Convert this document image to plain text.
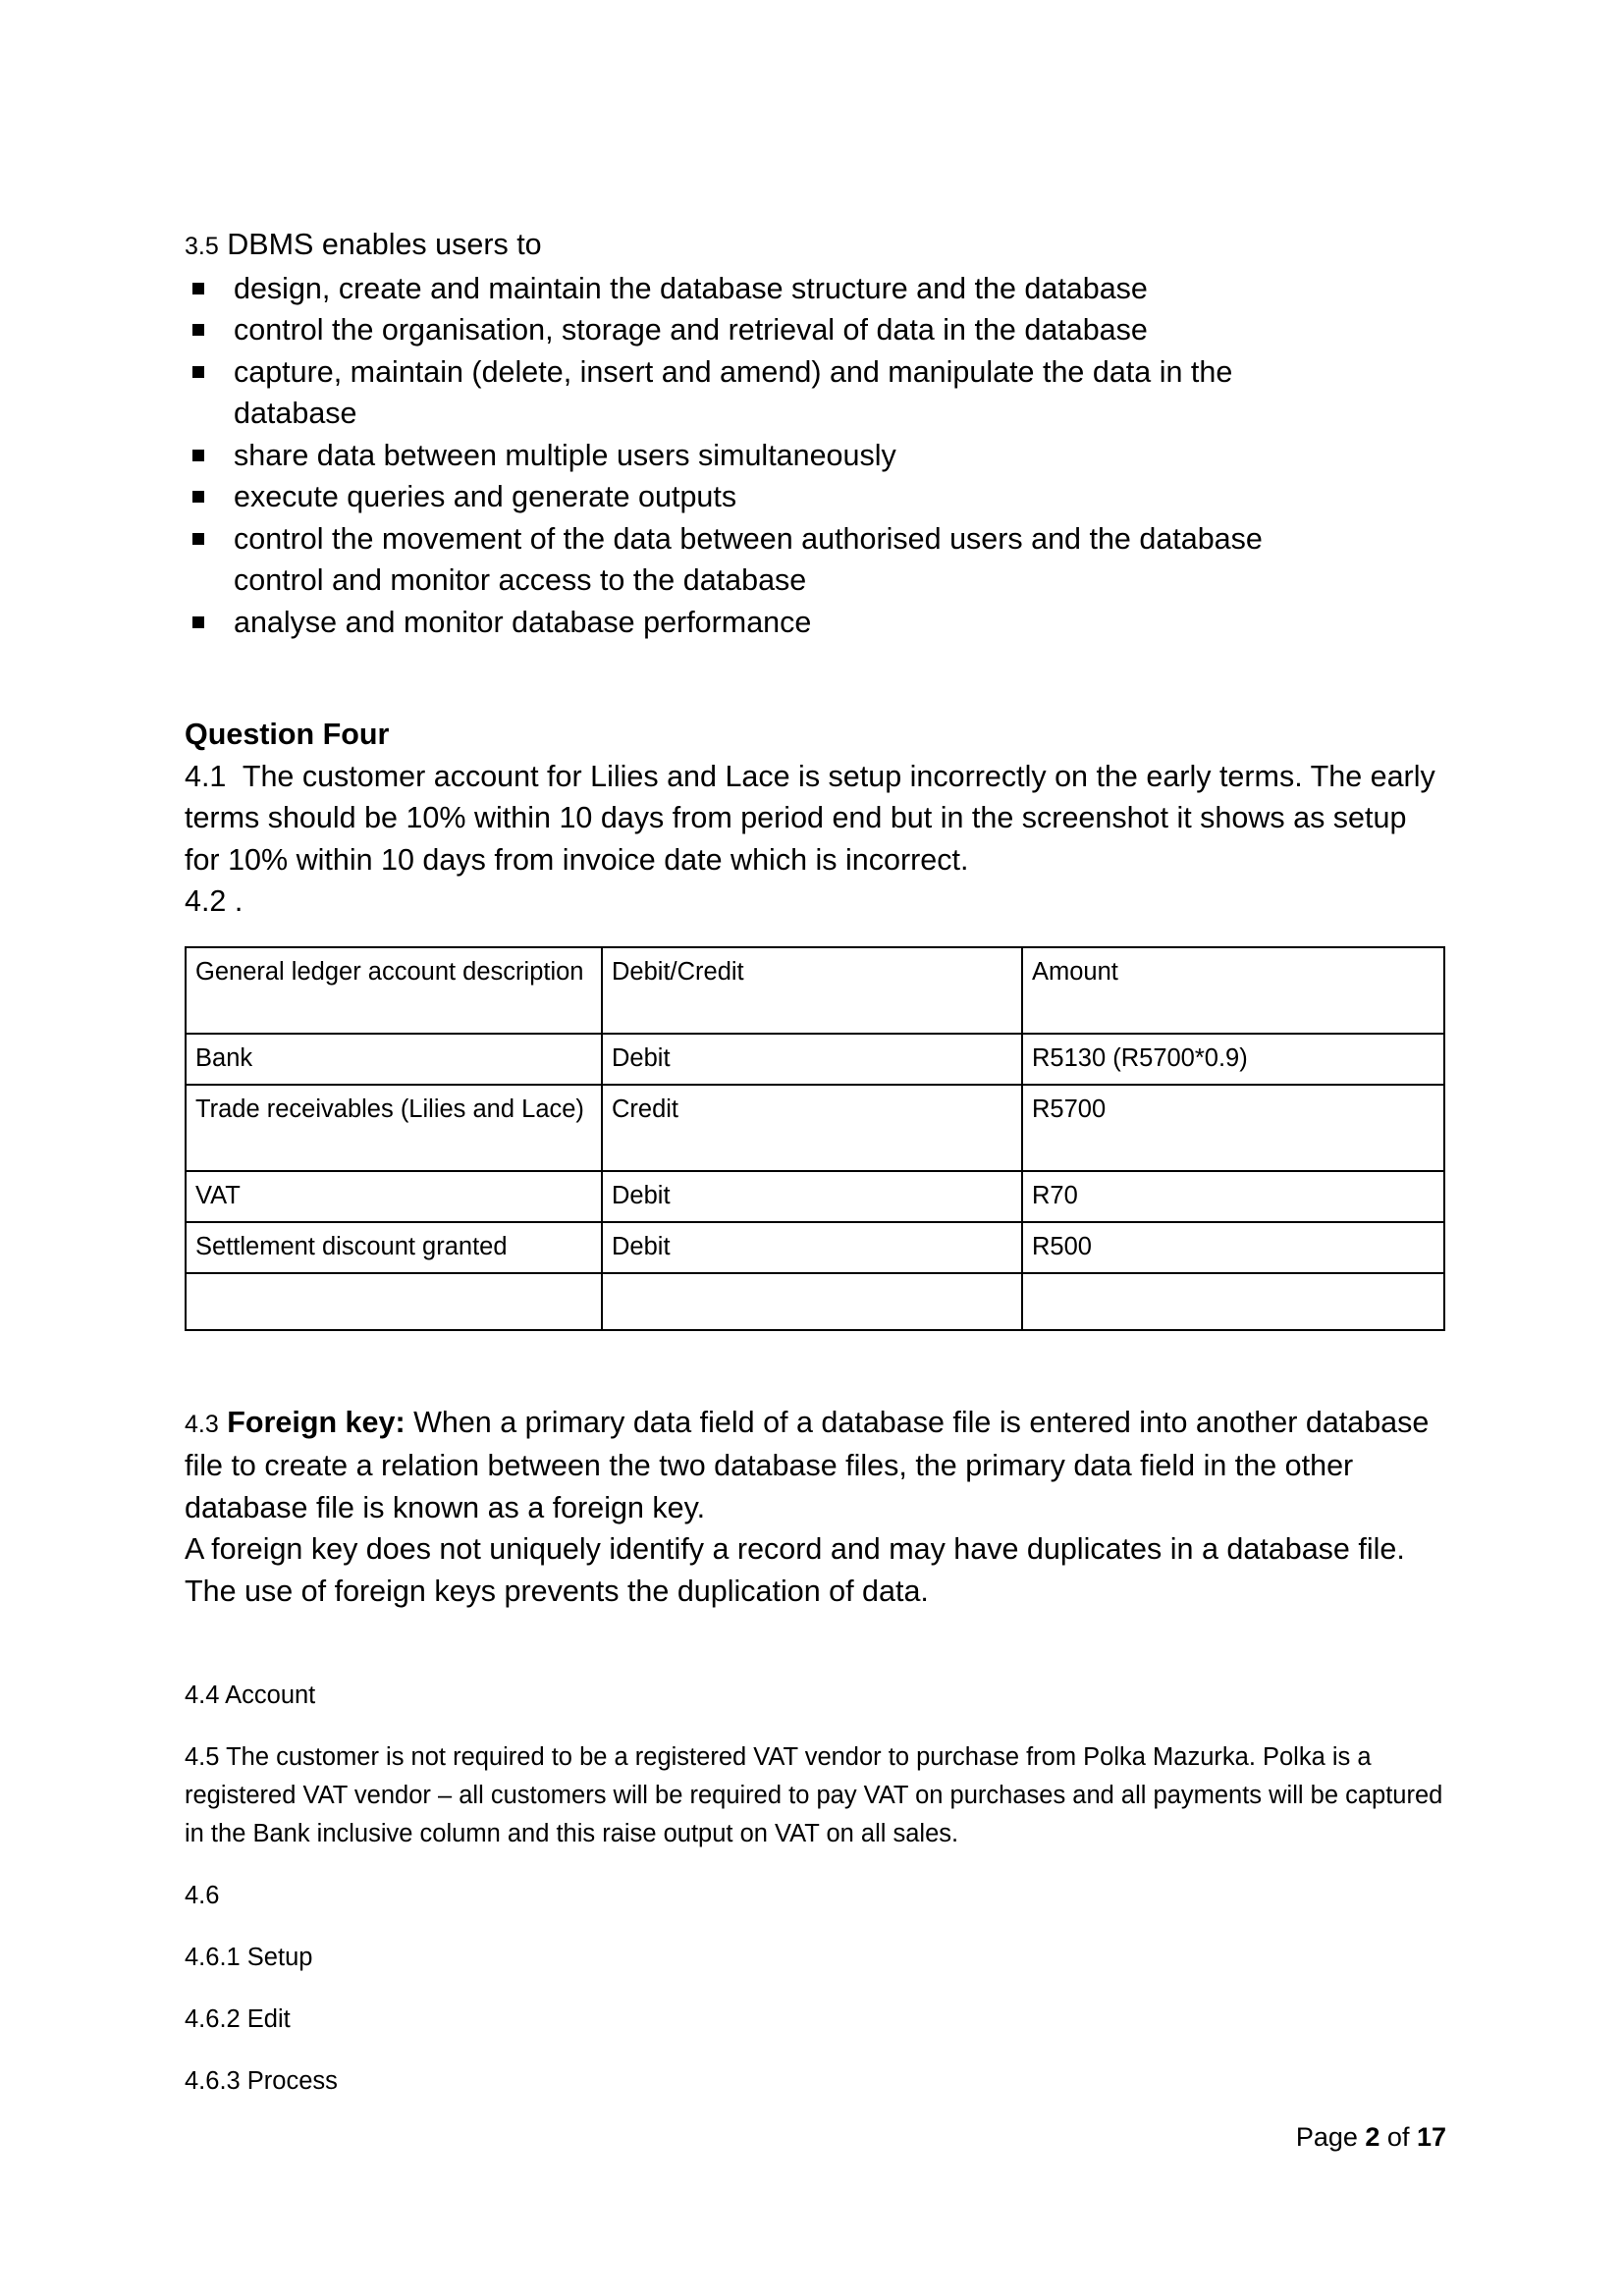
3.5 DBMS enables users to

design, create and maintain the database structure and the database
control the organisation, storage and retrieval of data in the database
capture, maintain (delete, insert and amend) and manipulate the data in the
database
share data between multiple users simultaneously
execute queries and generate outputs
control the movement of the data between authorised users and the database
control and monitor access to the database
analyse and monitor database performance

Question Four

4.1 The customer account for Lilies and Lace is setup incorrectly on the early terms. The early terms should be 10% within 10 days from period end but in the screenshot it shows as setup for 10% within 10 days from invoice date which is incorrect.

4.2 .

General ledger account description	Debit/Credit	Amount
Bank	Debit	R5130 (R5700*0.9)
Trade receivables (Lilies and Lace)	Credit	R5700
VAT	Debit	R70
Settlement discount granted	Debit	R500

4.3 Foreign key: When a primary data field of a database file is entered into another database file to create a relation between the two database files, the primary data field in the other database file is known as a foreign key.

A foreign key does not uniquely identify a record and may have duplicates in a database file. The use of foreign keys prevents the duplication of data.

4.4 Account

4.5 The customer is not required to be a registered VAT vendor to purchase from Polka Mazurka. Polka is a registered VAT vendor – all customers will be required to pay VAT on purchases and all payments will be captured in the Bank inclusive column and this raise output on VAT on all sales.

4.6

4.6.1 Setup

4.6.2 Edit

4.6.3 Process

Page 2 of 17
